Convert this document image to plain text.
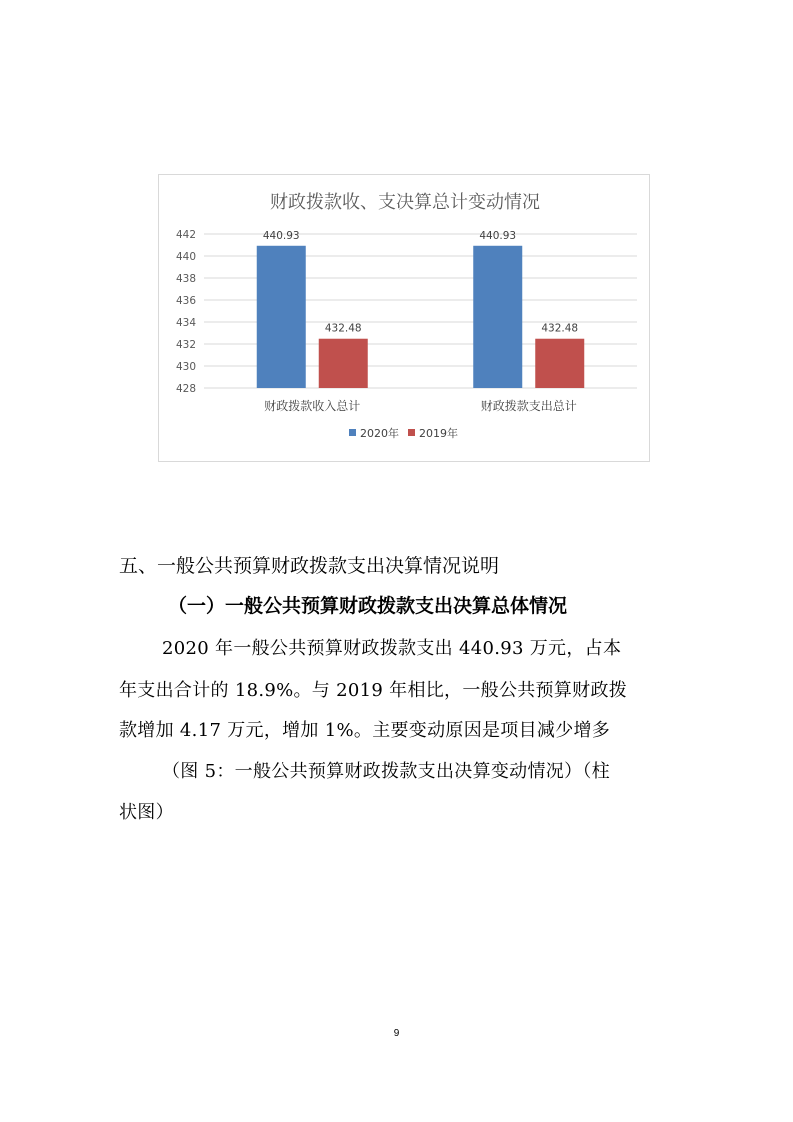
财政拨款收、支决算总计变动情况
442
440
438
436
434
432
430
428
440.93
432.48
财政拨款收入总计
440.93
432.48
财政拨款支出总计
2020年 2019年
五、一般公共预算财政拨款支出决算情况说明
（一）一般公共预算财政拨款支出决算总体情况
2020 年一般公共预算财政拨款支出 440.93 万元，占本
年支出合计的 18.9%。与 2019 年相比，一般公共预算财政拨
款增加 4.17 万元，增加 1%。主要变动原因是项目减少增多
（图 5：一般公共预算财政拨款支出决算变动情况）（柱
状图）
9
